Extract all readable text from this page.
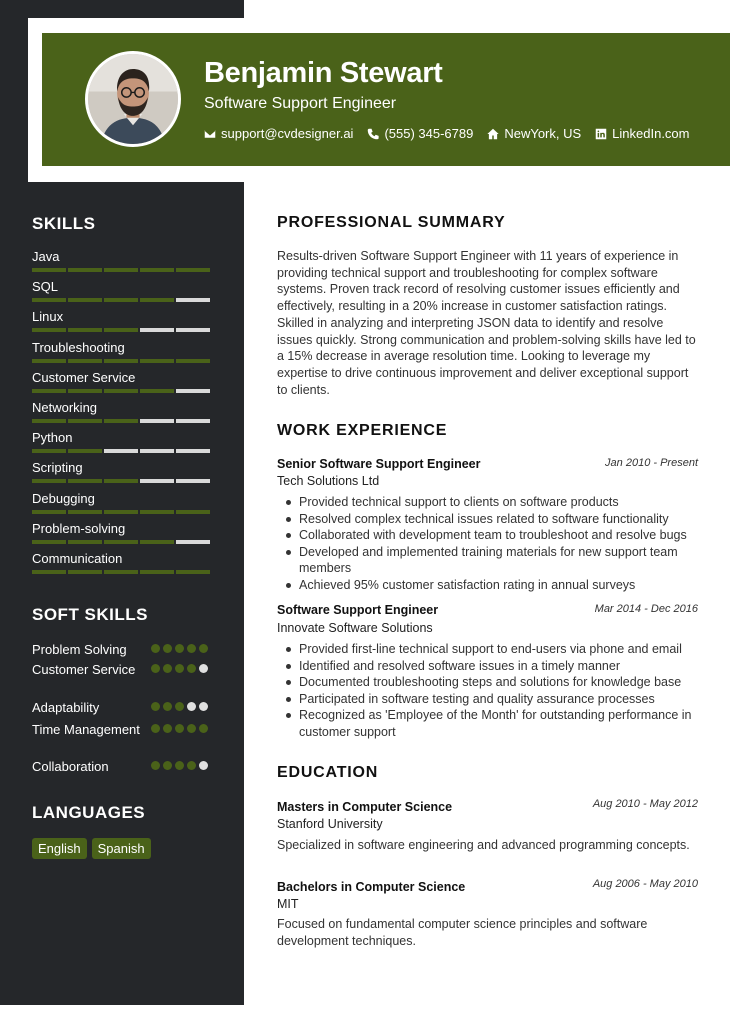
Benjamin Stewart
Software Support Engineer
support@cvdesigner.ai (555) 345-6789 NewYork, US LinkedIn.com
SKILLS
Java
SQL
Linux
Troubleshooting
Customer Service
Networking
Python
Scripting
Debugging
Problem-solving
Communication
SOFT SKILLS
Problem Solving
Customer Service
Adaptability
Time Management
Collaboration
LANGUAGES
English	Spanish
PROFESSIONAL SUMMARY
Results-driven Software Support Engineer with 11 years of experience in providing technical support and troubleshooting for complex software systems. Proven track record of resolving customer issues efficiently and effectively, resulting in a 20% increase in customer satisfaction ratings. Skilled in analyzing and interpreting JSON data to identify and resolve issues quickly. Strong communication and problem-solving skills have led to a 15% decrease in average resolution time. Looking to leverage my expertise to drive continuous improvement and deliver exceptional support to clients.
WORK EXPERIENCE
Senior Software Support Engineer	Jan 2010 - Present
Tech Solutions Ltd
Provided technical support to clients on software products
Resolved complex technical issues related to software functionality
Collaborated with development team to troubleshoot and resolve bugs
Developed and implemented training materials for new support team members
Achieved 95% customer satisfaction rating in annual surveys
Software Support Engineer	Mar 2014 - Dec 2016
Innovate Software Solutions
Provided first-line technical support to end-users via phone and email
Identified and resolved software issues in a timely manner
Documented troubleshooting steps and solutions for knowledge base
Participated in software testing and quality assurance processes
Recognized as 'Employee of the Month' for outstanding performance in customer support
EDUCATION
Masters in Computer Science	Aug 2010 - May 2012
Stanford University
Specialized in software engineering and advanced programming concepts.
Bachelors in Computer Science	Aug 2006 - May 2010
MIT
Focused on fundamental computer science principles and software development techniques.
